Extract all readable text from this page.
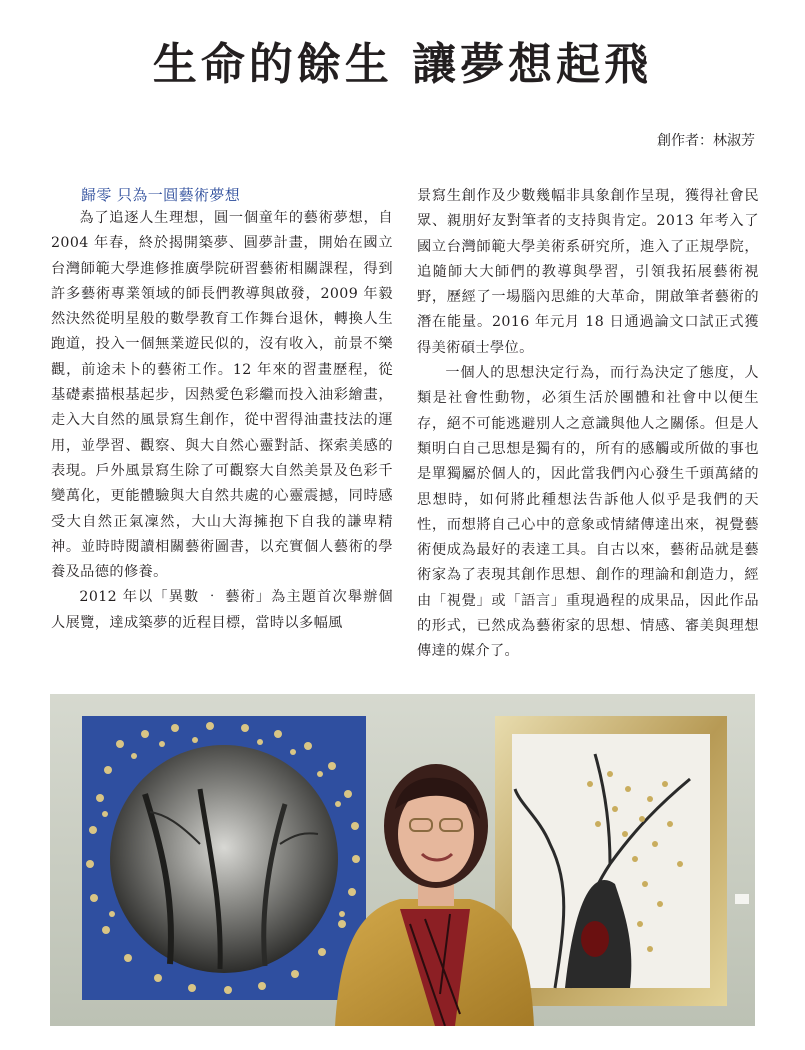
生命的餘生 讓夢想起飛
創作者：林淑芳

歸零 只為一圓藝術夢想

為了追逐人生理想，圓一個童年的藝術夢想，自 2004 年春，終於揭開築夢、圓夢計畫，開始在國立台灣師範大學進修推廣學院研習藝術相關課程，得到許多藝術專業領域的師長們教導與啟發，2009 年毅然決然從明星般的數學教育工作舞台退休，轉換人生跑道，投入一個無業遊民似的，沒有收入，前景不樂觀，前途未卜的藝術工作。12 年來的習畫歷程，從基礎素描根基起步，因熱愛色彩繼而投入油彩繪畫，走入大自然的風景寫生創作，從中習得油畫技法的運用，並學習、觀察、與大自然心靈對話、探索美感的表現。戶外風景寫生除了可觀察大自然美景及色彩千變萬化，更能體驗與大自然共處的心靈震撼，同時感受大自然正氣凜然，大山大海擁抱下自我的謙卑精神。並時時閱讀相關藝術圖書，以充實個人藝術的學養及品德的修養。

2012 年以「異數 ‧ 藝術」為主題首次舉辦個人展覽，達成築夢的近程目標，當時以多幅風

景寫生創作及少數幾幅非具象創作呈現，獲得社會民眾、親朋好友對筆者的支持與肯定。2013 年考入了國立台灣師範大學美術系研究所，進入了正規學院，追隨師大大師們的教導與學習，引領我拓展藝術視野，歷經了一場腦內思維的大革命，開啟筆者藝術的潛在能量。2016 年元月 18 日通過論文口試正式獲得美術碩士學位。

一個人的思想決定行為，而行為決定了態度，人類是社會性動物，必須生活於團體和社會中以便生存，絕不可能逃避別人之意識與他人之關係。但是人類明白自己思想是獨有的，所有的感觸或所做的事也是單獨屬於個人的，因此當我們內心發生千頭萬緒的思想時，如何將此種想法告訴他人似乎是我們的天性，而想將自己心中的意象或情緒傳達出來，視覺藝術便成為最好的表達工具。自古以來，藝術品就是藝術家為了表現其創作思想、創作的理論和創造力，經由「視覺」或「語言」重現過程的成果品，因此作品的形式，已然成為藝術家的思想、情感、審美與理想傳達的媒介了。
